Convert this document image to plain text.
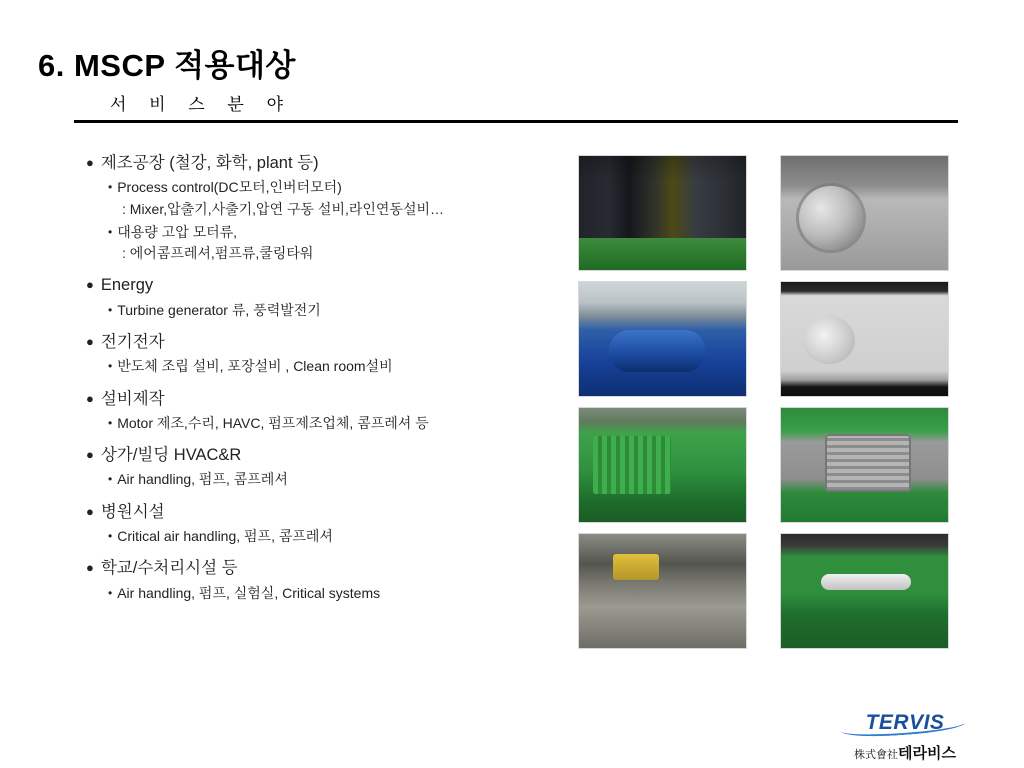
6. MSCP 적용대상
서 비 스 분 야
● 제조공장 (철강, 화학, plant 등)
• Process control(DC모터,인버터모터)
: Mixer,압출기,사출기,압연 구동 설비,라인연동설비…
• 대용량 고압 모터류,
: 에어콤프레셔,펌프류,쿨링타워
● Energy
• Turbine generator 류, 풍력발전기
● 전기전자
• 반도체 조립 설비, 포장설비 , Clean room설비
● 설비제작
• Motor 제조,수리, HAVC, 펌프제조업체, 콤프레셔 등
● 상가/빌딩 HVAC&R
• Air handling, 펌프, 콤프레셔
● 병원시설
• Critical air handling, 펌프, 콤프레셔
● 학교/수처리시설 등
• Air handling, 펌프, 실험실, Critical systems
TERVIS
株式會社테라비스
